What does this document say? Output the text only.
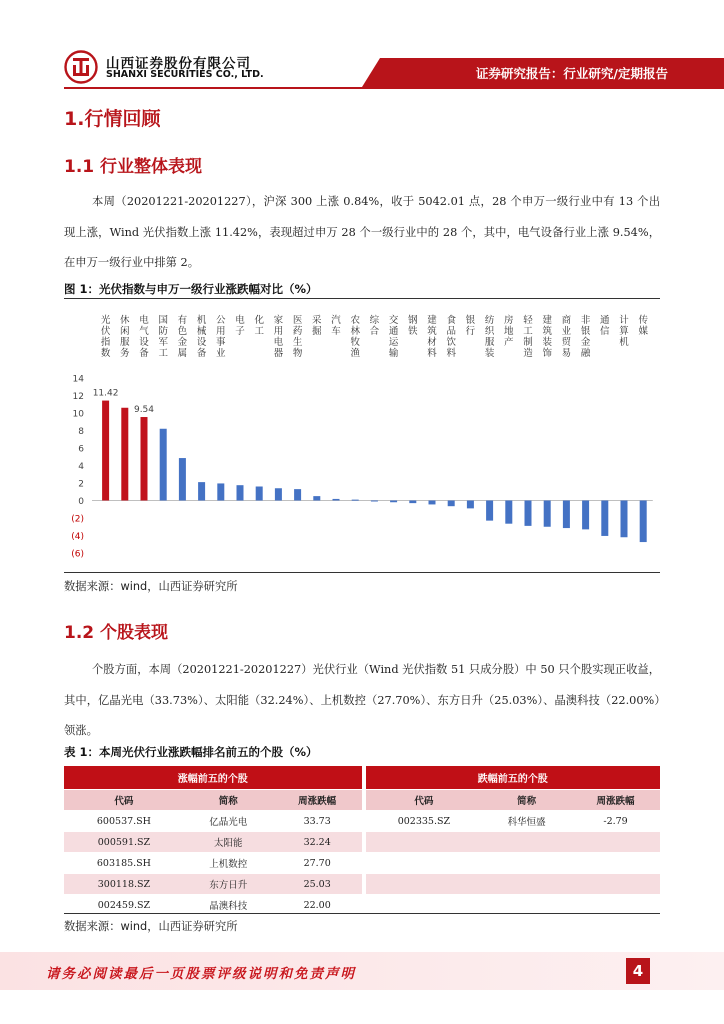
山西证券股份有限公司
SHANXI SECURITIES CO., LTD.	证券研究报告：行业研究/定期报告
1.行情回顾
1.1 行业整体表现

本周（20201221-20201227），沪深 300 上涨 0.84%，收于 5042.01 点，28 个申万一级行业中有 13 个出现上涨，Wind 光伏指数上涨 11.42%，表现超过申万 28 个一级行业中的 28 个，其中，电气设备行业上涨 9.54%，在申万一级行业中排第 2。

图 1：光伏指数与申万一级行业涨跌幅对比（%）

14
12
10
8
6
4
2
0
(2)
(4)
(6)
光
伏
指
数
休
闲
服
务
电
气
设
备
国
防
军
工
有
色
金
属
机
械
设
备
公
用
事
业
电
子
化
工
家
用
电
器
医
药
生
物
采
掘
汽
车
农
林
牧
渔
综
合
交
通
运
输
钢
铁
建
筑
材
料
食
品
饮
料
银
行
纺
织
服
装
房
地
产
轻
工
制
造
建
筑
装
饰
商
业
贸
易
非
银
金
融
通
信
计
算
机
传
媒
11.42
9.54

数据来源：wind，山西证券研究所

1.2 个股表现

个股方面，本周（20201221-20201227）光伏行业（Wind 光伏指数 51 只成分股）中 50 只个股实现正收益，其中，亿晶光电（33.73%）、太阳能（32.24%）、上机数控（27.70%）、东方日升（25.03%）、晶澳科技（22.00%）领涨。

表 1：本周光伏行业涨跌幅排名前五的个股（%）

涨幅前五的个股				跌幅前五的个股		
代码	简称	周涨跌幅		代码	简称	周涨跌幅
600537.SH	亿晶光电	33.73		002335.SZ	科华恒盛	-2.79
000591.SZ	太阳能	32.24				
603185.SH	上机数控	27.70				
300118.SZ	东方日升	25.03				
002459.SZ	晶澳科技	22.00				

数据来源：wind，山西证券研究所

请务必阅读最后一页股票评级说明和免责声明	4
